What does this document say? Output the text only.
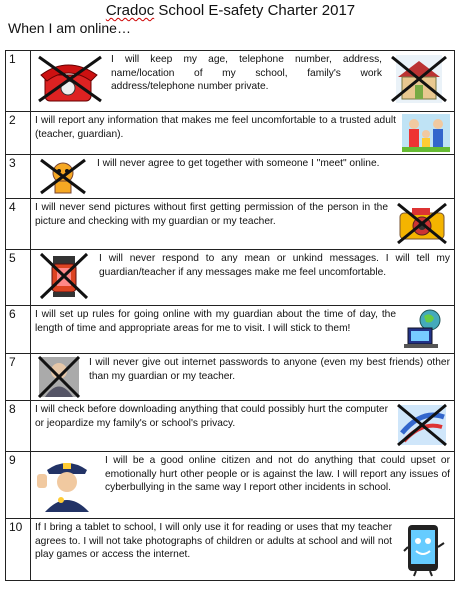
Cradoc School E-safety Charter 2017
When I am online…
1	I will keep my age, telephone number, address, name/location of my school, family's work address/telephone number private.

2	I will report any information that makes me feel uncomfortable to a trusted adult (teacher, guardian).

3	I will never agree to get together with someone I "meet" online.

4	I will never send pictures without first getting permission of the person in the picture and checking with my guardian or my teacher.

5	I will never respond to any mean or unkind messages. I will tell my guardian/teacher if any messages make me feel uncomfortable.

6	I will set up rules for going online with my guardian about the time of day, the length of time and appropriate areas for me to visit. I will stick to them!

7	I will never give out internet passwords to anyone (even my best friends) other than my guardian or my teacher.

8	I will check before downloading anything that could possibly hurt the computer or jeopardize my family's or school's privacy.

9	I will be a good online citizen and not do anything that could upset or emotionally hurt other people or is against the law. I will report any issues of cyberbullying in the same way I report other incidents in school.

10	If I bring a tablet to school, I will only use it for reading or uses that my teacher agrees to. I will not take photographs of children or adults at school and will not play games or access the internet.
